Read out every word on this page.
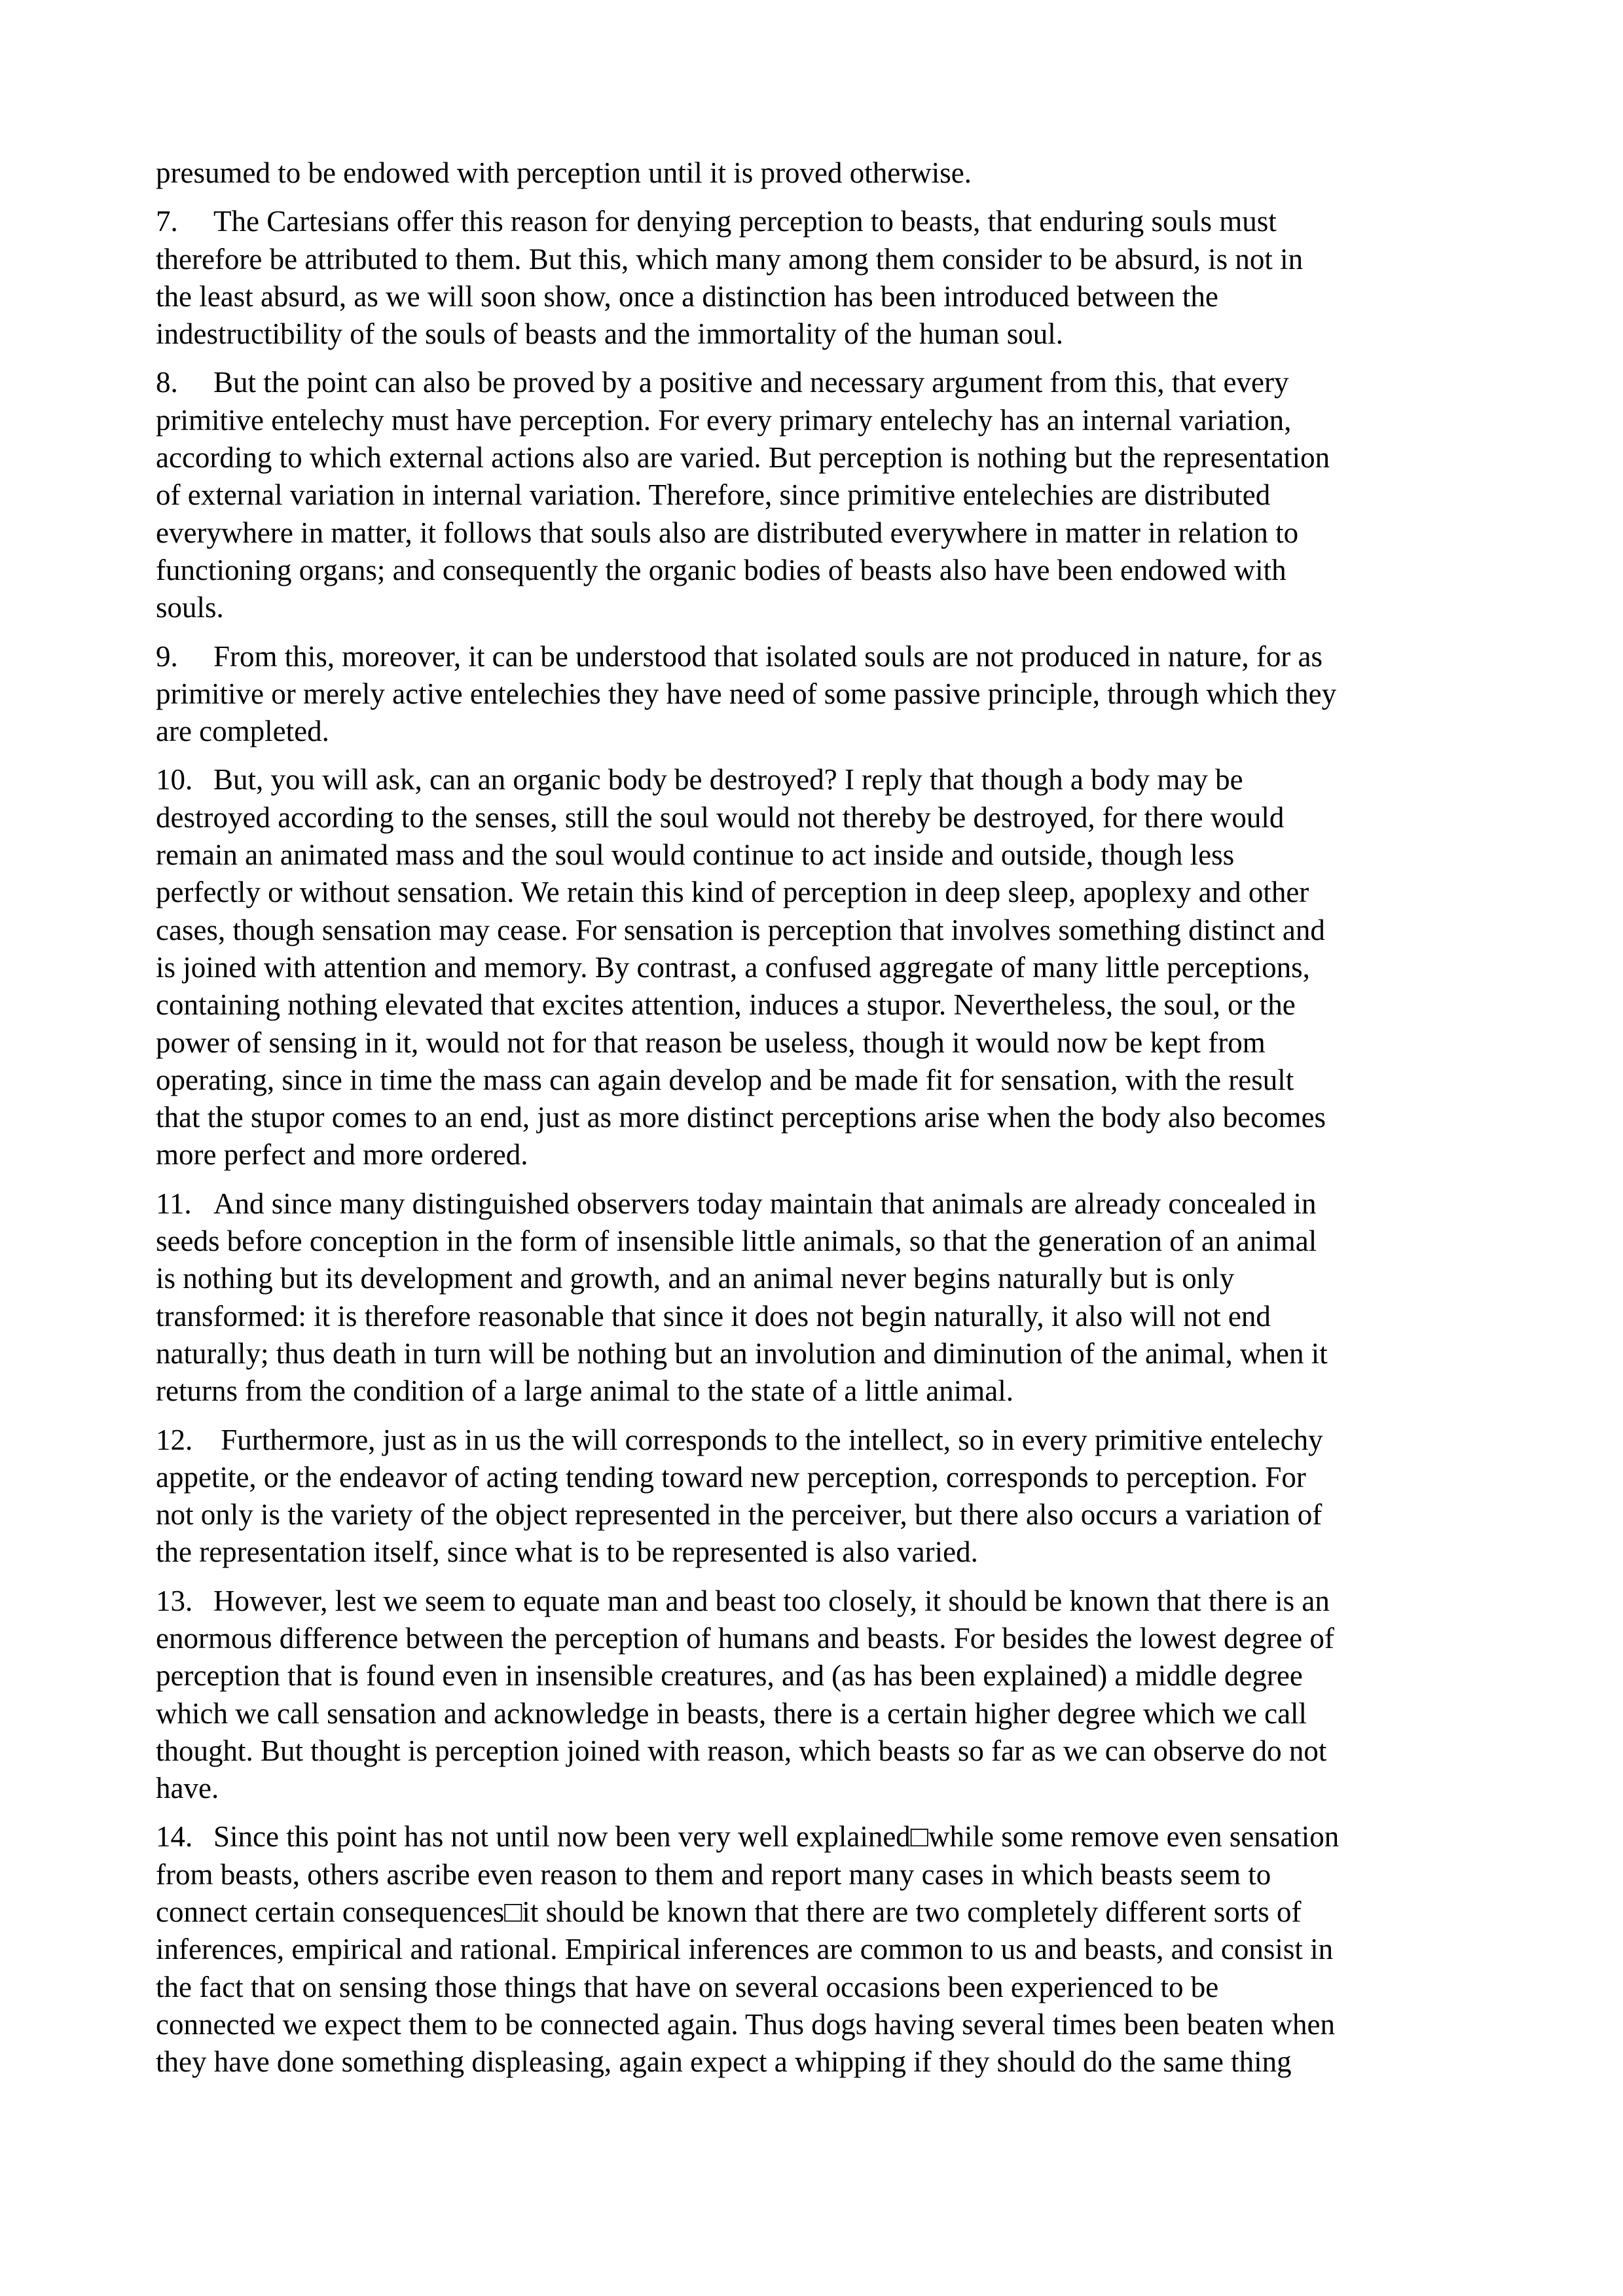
presumed to be endowed with perception until it is proved otherwise.
7. The Cartesians offer this reason for denying perception to beasts, that enduring souls must
therefore be attributed to them. But this, which many among them consider to be absurd, is not in
the least absurd, as we will soon show, once a distinction has been introduced between the
indestructibility of the souls of beasts and the immortality of the human soul.
8. But the point can also be proved by a positive and necessary argument from this, that every
primitive entelechy must have perception. For every primary entelechy has an internal variation,
according to which external actions also are varied. But perception is nothing but the representation
of external variation in internal variation. Therefore, since primitive entelechies are distributed
everywhere in matter, it follows that souls also are distributed everywhere in matter in relation to
functioning organs; and consequently the organic bodies of beasts also have been endowed with
souls.
9. From this, moreover, it can be understood that isolated souls are not produced in nature, for as
primitive or merely active entelechies they have need of some passive principle, through which they
are completed.
10. But, you will ask, can an organic body be destroyed? I reply that though a body may be
destroyed according to the senses, still the soul would not thereby be destroyed, for there would
remain an animated mass and the soul would continue to act inside and outside, though less
perfectly or without sensation. We retain this kind of perception in deep sleep, apoplexy and other
cases, though sensation may cease. For sensation is perception that involves something distinct and
is joined with attention and memory. By contrast, a confused aggregate of many little perceptions,
containing nothing elevated that excites attention, induces a stupor. Nevertheless, the soul, or the
power of sensing in it, would not for that reason be useless, though it would now be kept from
operating, since in time the mass can again develop and be made fit for sensation, with the result
that the stupor comes to an end, just as more distinct perceptions arise when the body also becomes
more perfect and more ordered.
11. And since many distinguished observers today maintain that animals are already concealed in
seeds before conception in the form of insensible little animals, so that the generation of an animal
is nothing but its development and growth, and an animal never begins naturally but is only
transformed: it is therefore reasonable that since it does not begin naturally, it also will not end
naturally; thus death in turn will be nothing but an involution and diminution of the animal, when it
returns from the condition of a large animal to the state of a little animal.
12. Furthermore, just as in us the will corresponds to the intellect, so in every primitive entelechy
appetite, or the endeavor of acting tending toward new perception, corresponds to perception. For
not only is the variety of the object represented in the perceiver, but there also occurs a variation of
the representation itself, since what is to be represented is also varied.
13. However, lest we seem to equate man and beast too closely, it should be known that there is an
enormous difference between the perception of humans and beasts. For besides the lowest degree of
perception that is found even in insensible creatures, and (as has been explained) a middle degree
which we call sensation and acknowledge in beasts, there is a certain higher degree which we call
thought. But thought is perception joined with reason, which beasts so far as we can observe do not
have.
14. Since this point has not until now been very well explained□while some remove even sensation
from beasts, others ascribe even reason to them and report many cases in which beasts seem to
connect certain consequences□it should be known that there are two completely different sorts of
inferences, empirical and rational. Empirical inferences are common to us and beasts, and consist in
the fact that on sensing those things that have on several occasions been experienced to be
connected we expect them to be connected again. Thus dogs having several times been beaten when
they have done something displeasing, again expect a whipping if they should do the same thing
